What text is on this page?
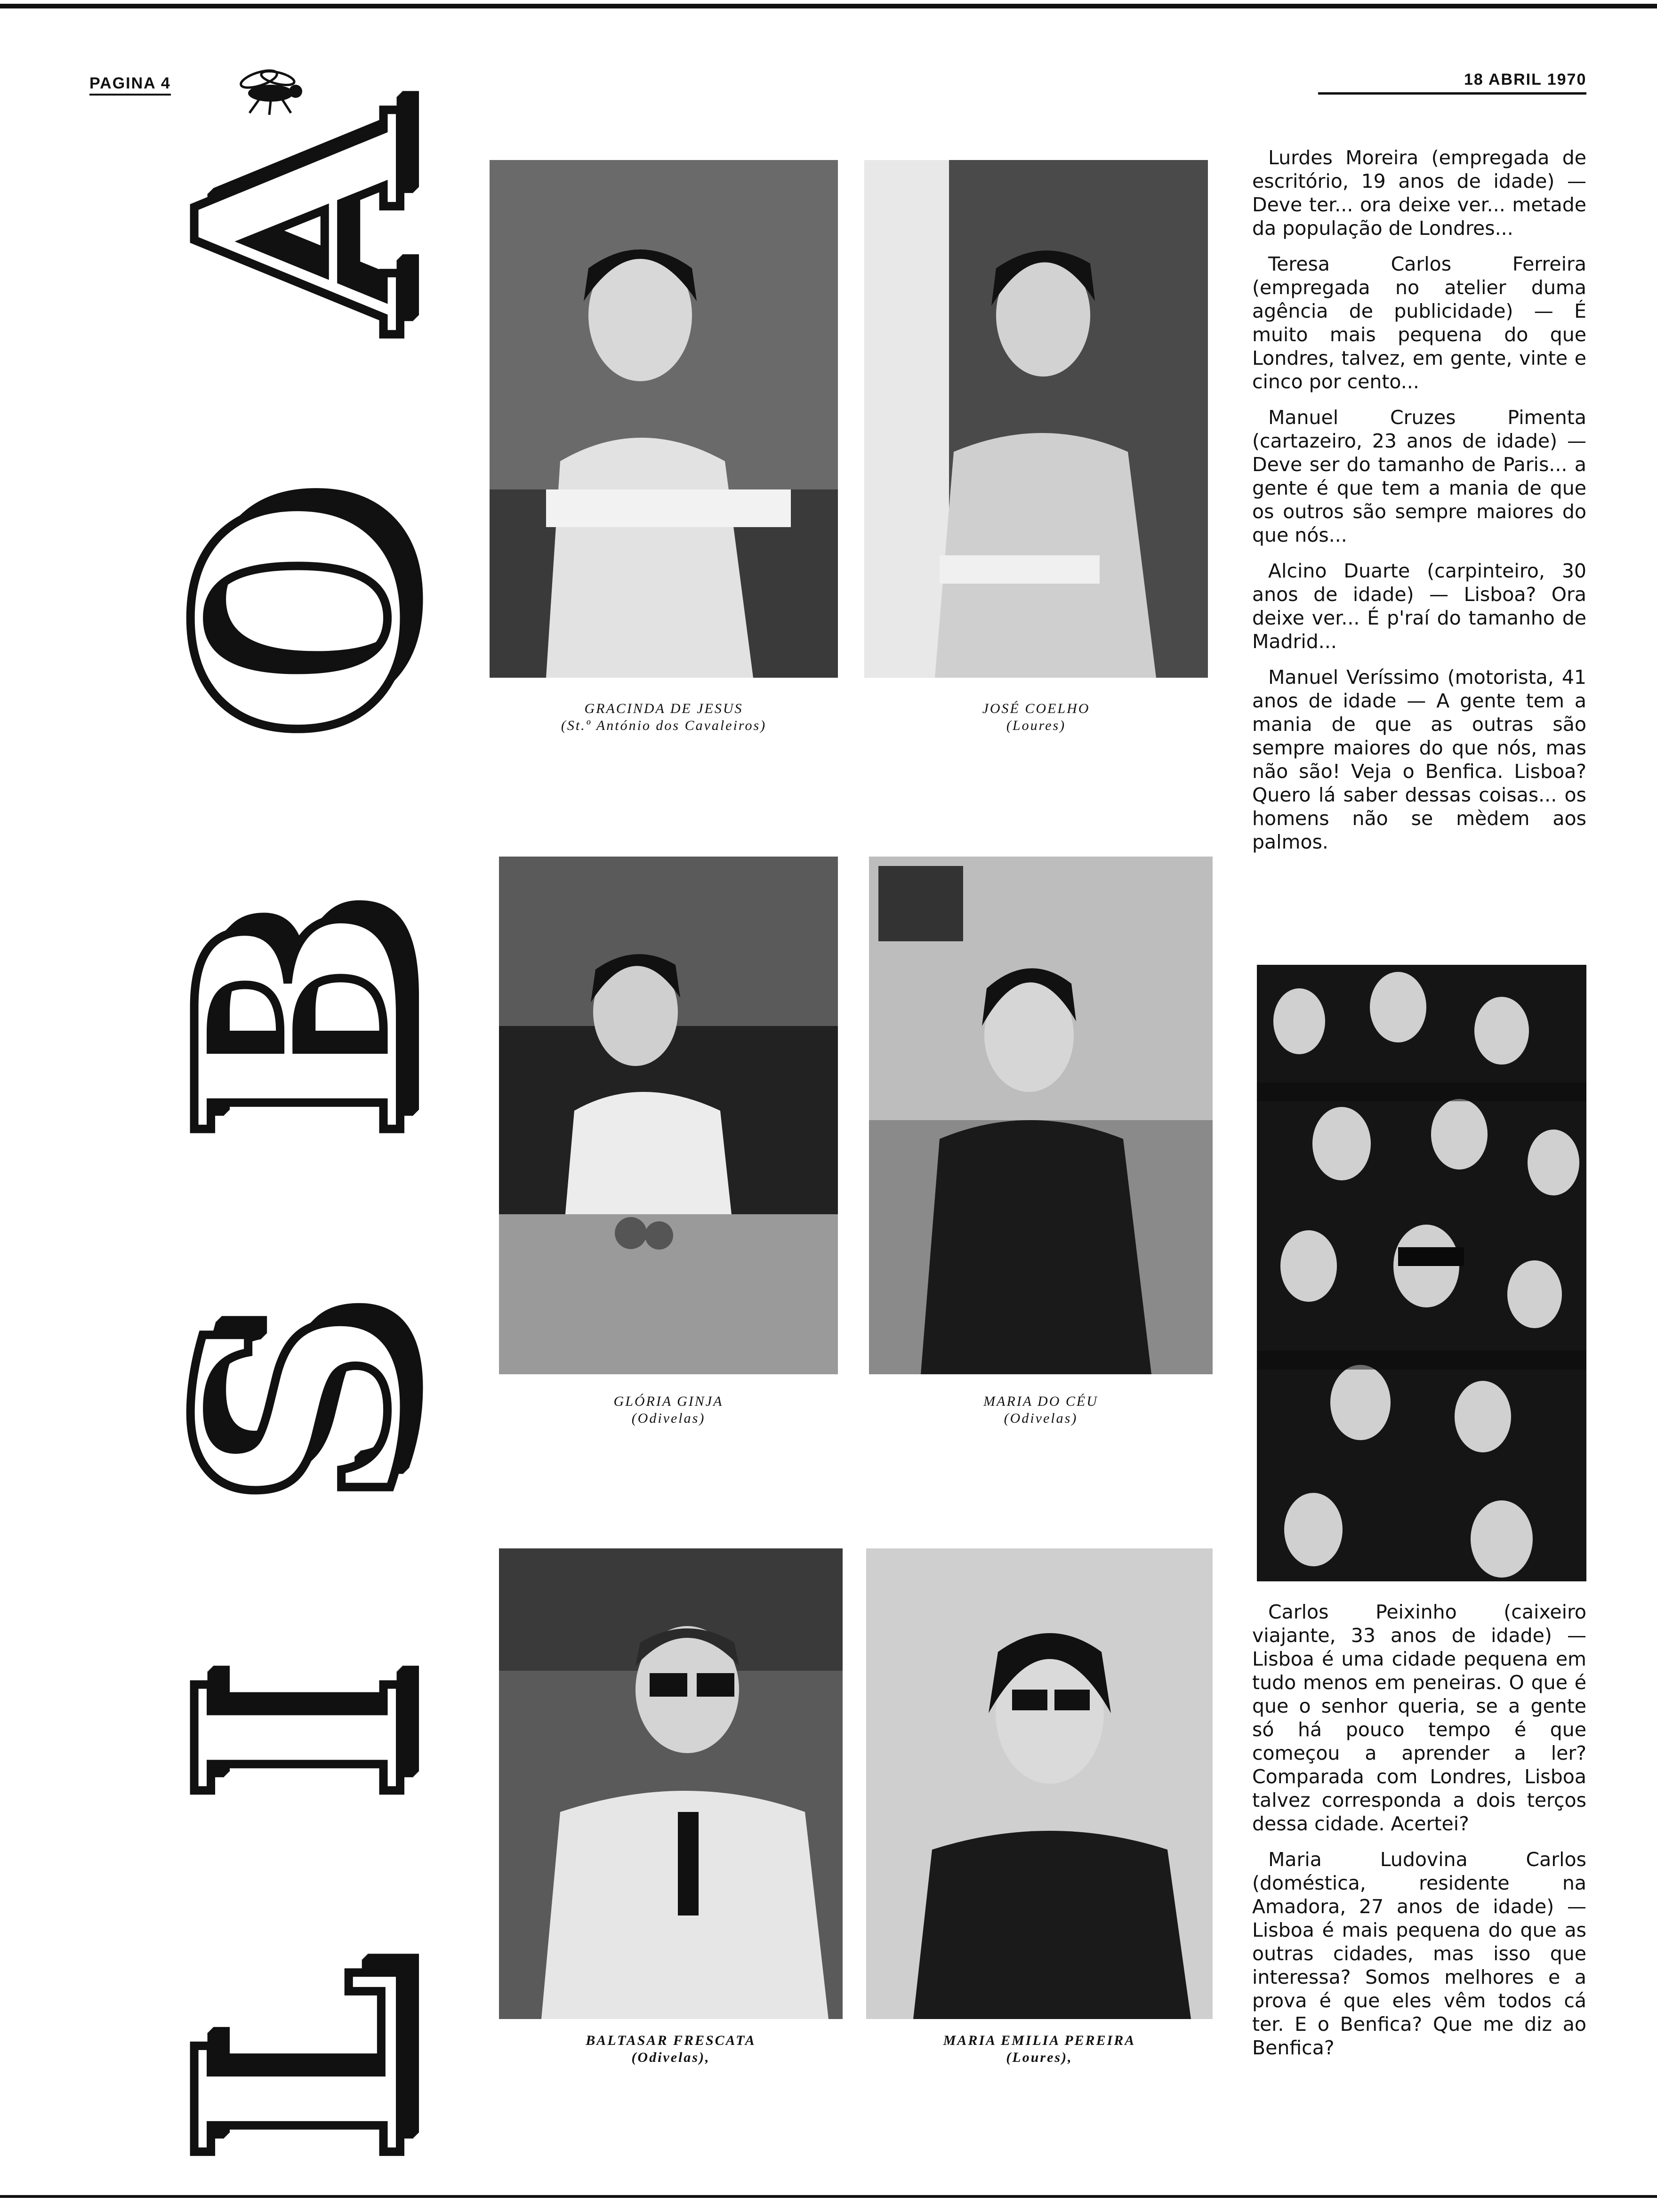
PAGINA 4	18 ABRIL 1970
L
I
S
B
O
A
GRACINDA DE JESUS
(St.º António dos Cavaleiros)
JOSÉ COELHO
(Loures)
GLÓRIA GINJA
(Odivelas)
MARIA DO CÉU
(Odivelas)
BALTASAR FRESCATA
(Odivelas),
MARIA EMILIA PEREIRA
(Loures),

Lurdes Moreira (empregada de escritório, 19 anos de idade) — Deve ter... ora deixe ver... metade da população de Londres...

Teresa Carlos Ferreira (empregada no atelier duma agência de publicidade) — É muito mais pequena do que Londres, talvez, em gente, vinte e cinco por cento...

Manuel Cruzes Pimenta (cartazeiro, 23 anos de idade) — Deve ser do tamanho de Paris... a gente é que tem a mania de que os outros são sempre maiores do que nós...

Alcino Duarte (carpinteiro, 30 anos de idade) — Lisboa? Ora deixe ver... É p'raí do tamanho de Madrid...

Manuel Veríssimo (motorista, 41 anos de idade — A gente tem a mania de que as outras são sempre maiores do que nós, mas não são! Veja o Benfica. Lisboa? Quero lá saber dessas coisas... os homens não se mèdem aos palmos.

Carlos Peixinho (caixeiro viajante, 33 anos de idade) — Lisboa é uma cidade pequena em tudo menos em peneiras. O que é que o senhor queria, se a gente só há pouco tempo é que começou a aprender a ler? Comparada com Londres, Lisboa talvez corresponda a dois terços dessa cidade. Acertei?

Maria Ludovina Carlos (doméstica, residente na Amadora, 27 anos de idade) — Lisboa é mais pequena do que as outras cidades, mas isso que interessa? Somos melhores e a prova é que eles vêm todos cá ter. E o Benfica? Que me diz ao Benfica?
